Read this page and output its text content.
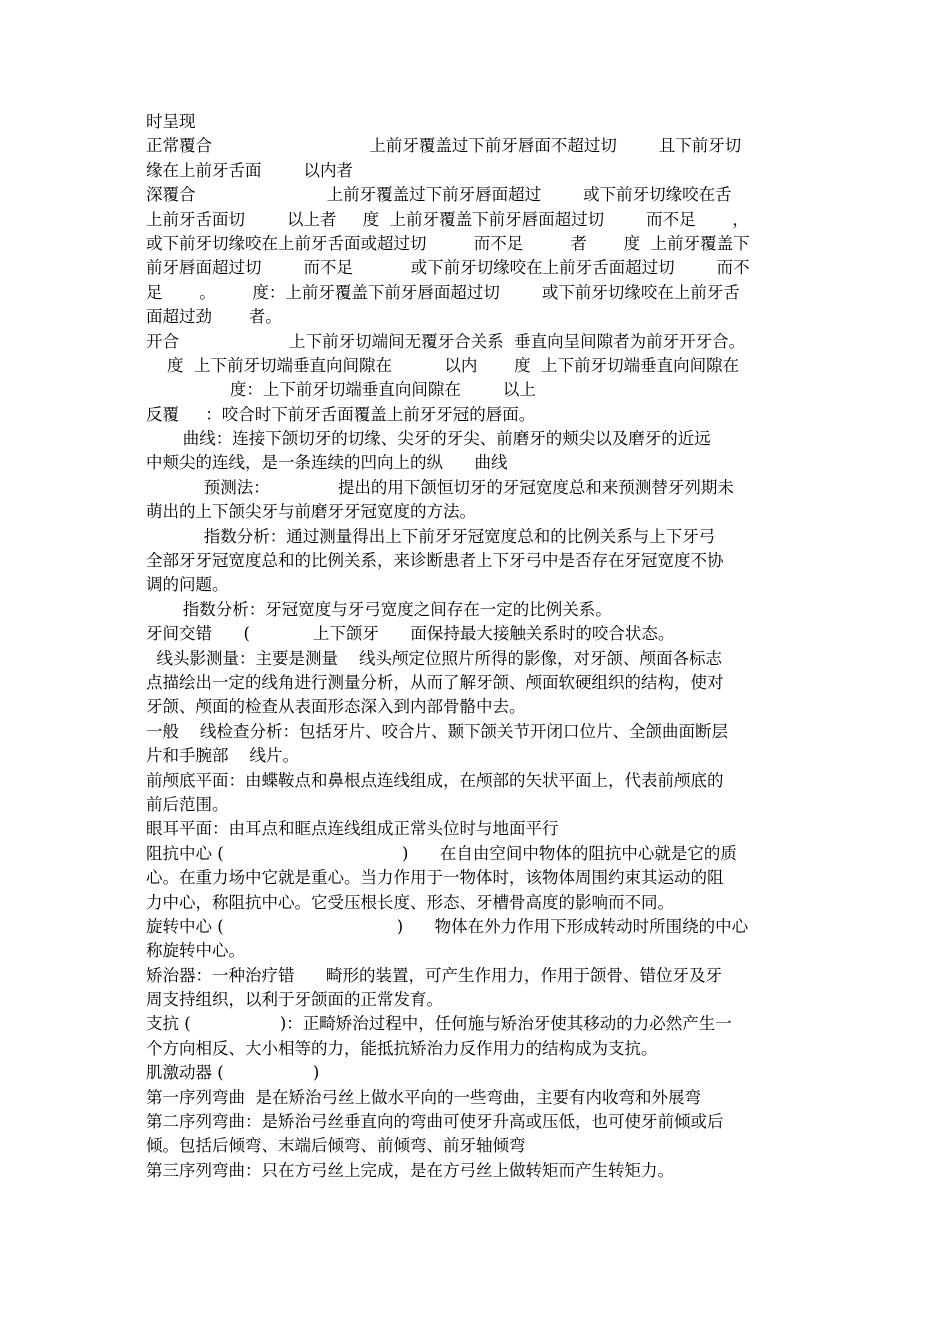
时呈现
正常覆合                              上前牙覆盖过下前牙唇面不超过切        且下前牙切
缘在上前牙舌面        以内者
深覆合                         上前牙覆盖过下前牙唇面超过        或下前牙切缘咬在舌
上前牙舌面切        以上者     度  上前牙覆盖下前牙唇面超过切        而不足       ，
或下前牙切缘咬在上前牙舌面或超过切         而不足         者       度  上前牙覆盖下
前牙唇面超过切        而不足           或下前牙切缘咬在上前牙舌面超过切        而不
足       。       度：上前牙覆盖下前牙唇面超过切        或下前牙切缘咬在上前牙舌
面超过劲       者。
开合                     上下前牙切端间无覆牙合关系  垂直向呈间隙者为前牙开牙合。
度  上下前牙切端垂直向间隙在          以内       度  上下前牙切端垂直向间隙在
度：上下前牙切端垂直向间隙在        以上
反覆     ：咬合时下前牙舌面覆盖上前牙牙冠的唇面。
曲线：连接下颌切牙的切缘、尖牙的牙尖、前磨牙的颊尖以及磨牙的近远
中颊尖的连线，是一条连续的凹向上的纵      曲线
预测法：             提出的用下颌恒切牙的牙冠宽度总和来预测替牙列期未
萌出的上下颌尖牙与前磨牙牙冠宽度的方法。
指数分析：通过测量得出上下前牙牙冠宽度总和的比例关系与上下牙弓
全部牙牙冠宽度总和的比例关系，来诊断患者上下牙弓中是否存在牙冠宽度不协
调的问题。
指数分析：牙冠宽度与牙弓宽度之间存在一定的比例关系。
牙间交错      (            上下颌牙      面保持最大接触关系时的咬合状态。
线头影测量：主要是测量    线头颅定位照片所得的影像，对牙颌、颅面各标志
点描绘出一定的线角进行测量分析，从而了解牙颌、颅面软硬组织的结构，使对
牙颌、颅面的检查从表面形态深入到内部骨骼中去。
一般    线检查分析：包括牙片、咬合片、颞下颌关节开闭口位片、全颌曲面断层
片和手腕部    线片。
前颅底平面：由蝶鞍点和鼻根点连线组成，在颅部的矢状平面上，代表前颅底的
前后范围。
眼耳平面：由耳点和眶点连线组成正常头位时与地面平行
阻抗中心 (                                  )      在自由空间中物体的阻抗中心就是它的质
心。在重力场中它就是重心。当力作用于一物体时，该物体周围约束其运动的阻
力中心，称阻抗中心。它受压根长度、形态、牙槽骨高度的影响而不同。
旋转中心 (                                 )      物体在外力作用下形成转动时所围绕的中心
称旋转中心。
矫治器：一种治疗错      畸形的装置，可产生作用力，作用于颌骨、错位牙及牙
周支持组织，以利于牙颌面的正常发育。
支抗 (                 )：正畸矫治过程中，任何施与矫治牙使其移动的力必然产生一
个方向相反、大小相等的力，能抵抗矫治力反作用力的结构成为支抗。
肌激动器 (                 )
第一序列弯曲  是在矫治弓丝上做水平向的一些弯曲，主要有内收弯和外展弯
第二序列弯曲：是矫治弓丝垂直向的弯曲可使牙升高或压低，也可使牙前倾或后
倾。包括后倾弯、末端后倾弯、前倾弯、前牙轴倾弯
第三序列弯曲：只在方弓丝上完成，是在方弓丝上做转矩而产生转矩力。
